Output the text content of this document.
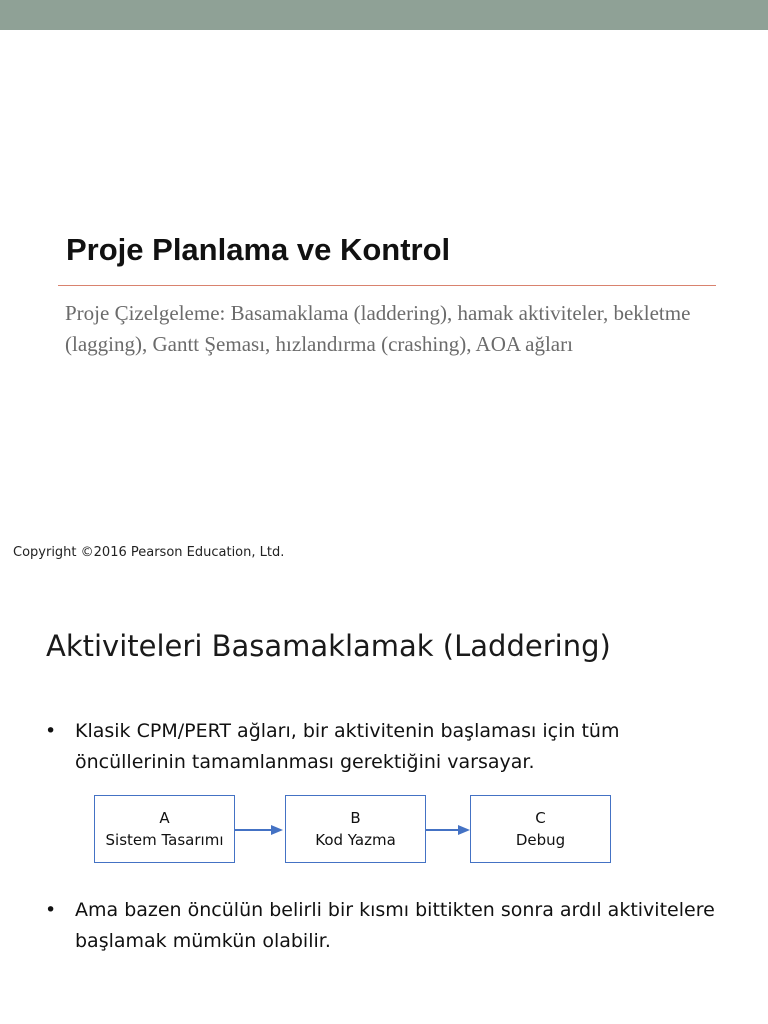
Proje Planlama ve Kontrol

Proje Çizelgeleme: Basamaklama (laddering), hamak aktiviteler, bekletme (lagging), Gantt Şeması, hızlandırma (crashing), AOA ağları

Copyright ©2016 Pearson Education, Ltd.

Aktiviteleri Basamaklamak (Laddering)
• Klasik CPM/PERT ağları, bir aktivitenin başlaması için tüm öncüllerinin tamamlanması gerektiğini varsayar.
A
Sistem Tasarımı
B
Kod Yazma
C
Debug
• Ama bazen öncülün belirli bir kısmı bittikten sonra ardıl aktivitelere başlamak mümkün olabilir.
